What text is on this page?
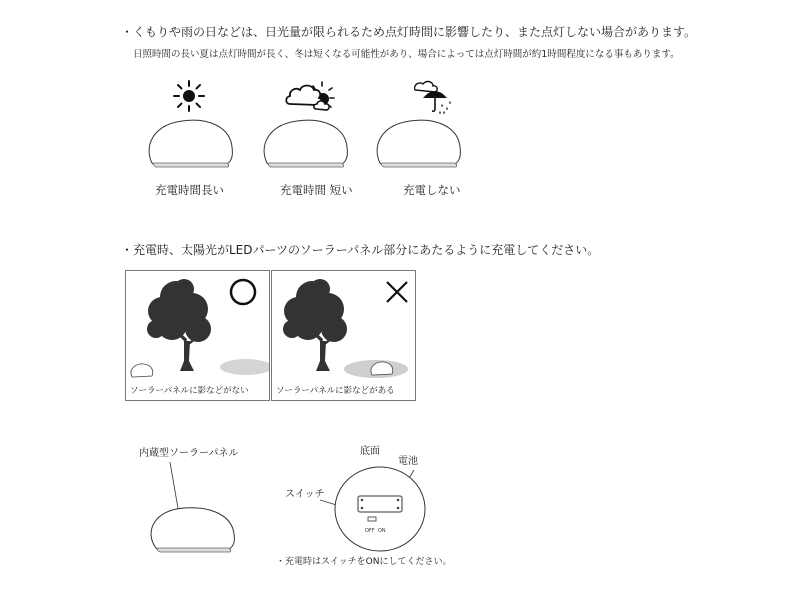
・くもりや雨の日などは、日光量が限られるため点灯時間に影響したり、また点灯しない場合があります。
日照時間の長い夏は点灯時間が長く、冬は短くなる可能性があり、場合によっては点灯時間が約1時間程度になる事もあります。
充電時間長い	充電時間 短い	充電しない
・充電時、太陽光がLEDパーツのソーラーパネル部分にあたるように充電してください。
ソーラーパネルに影などがない	ソーラーパネルに影などがある
内蔵型ソーラーパネル	底面
電池
スイッチ
OFF ON
・充電時はスイッチをONにしてください。
